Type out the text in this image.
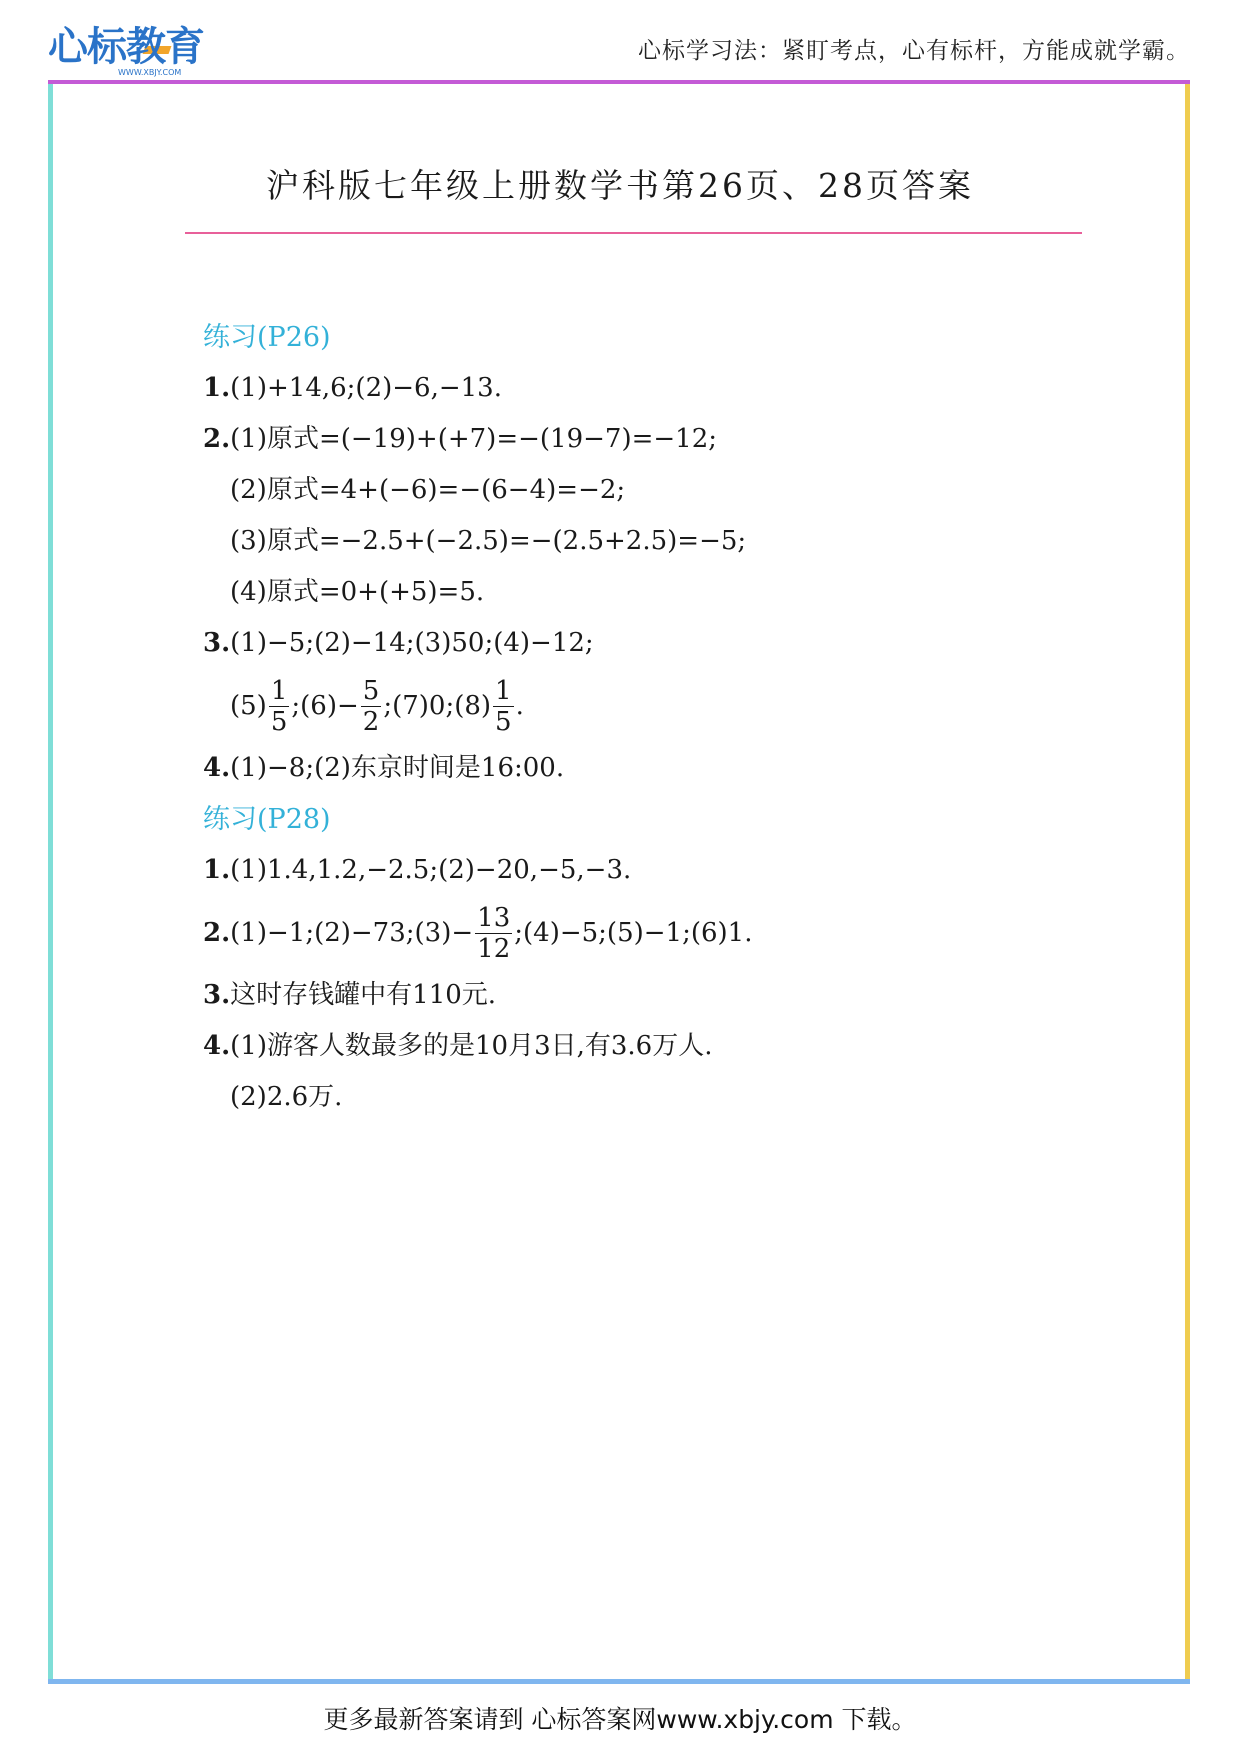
心标教育
WWW.XBJY.COM
心标学习法：紧盯考点，心有标杆，方能成就学霸。
沪科版七年级上册数学书第26页、28页答案
练习(P26)
1.(1)+14,6;(2)−6,−13.
2.(1)原式=(−19)+(+7)=−(19−7)=−12;
(2)原式=4+(−6)=−(6−4)=−2;
(3)原式=−2.5+(−2.5)=−(2.5+2.5)=−5;
(4)原式=0+(+5)=5.
3.(1)−5;(2)−14;(3)50;(4)−12;
$(5) \frac{1}{5}$ ;(6)− $\frac{5}{2}$ ;(7)0;(8) $\frac{1}{5}$ .
4.(1)−8;(2)东京时间是16:00.
练习(P28)
1.(1)1.4,1.2,−2.5;(2)−20,−5,−3.
2. (1)−1;(2)−73;(3)− $\frac{13}{12}$ ;(4)−5;(5)−1;(6)1.
3.这时存钱罐中有110元.
4.(1)游客人数最多的是10月3日,有3.6万人.
(2)2.6万.
更多最新答案请到 心标答案网www.xbjy.com 下载。
